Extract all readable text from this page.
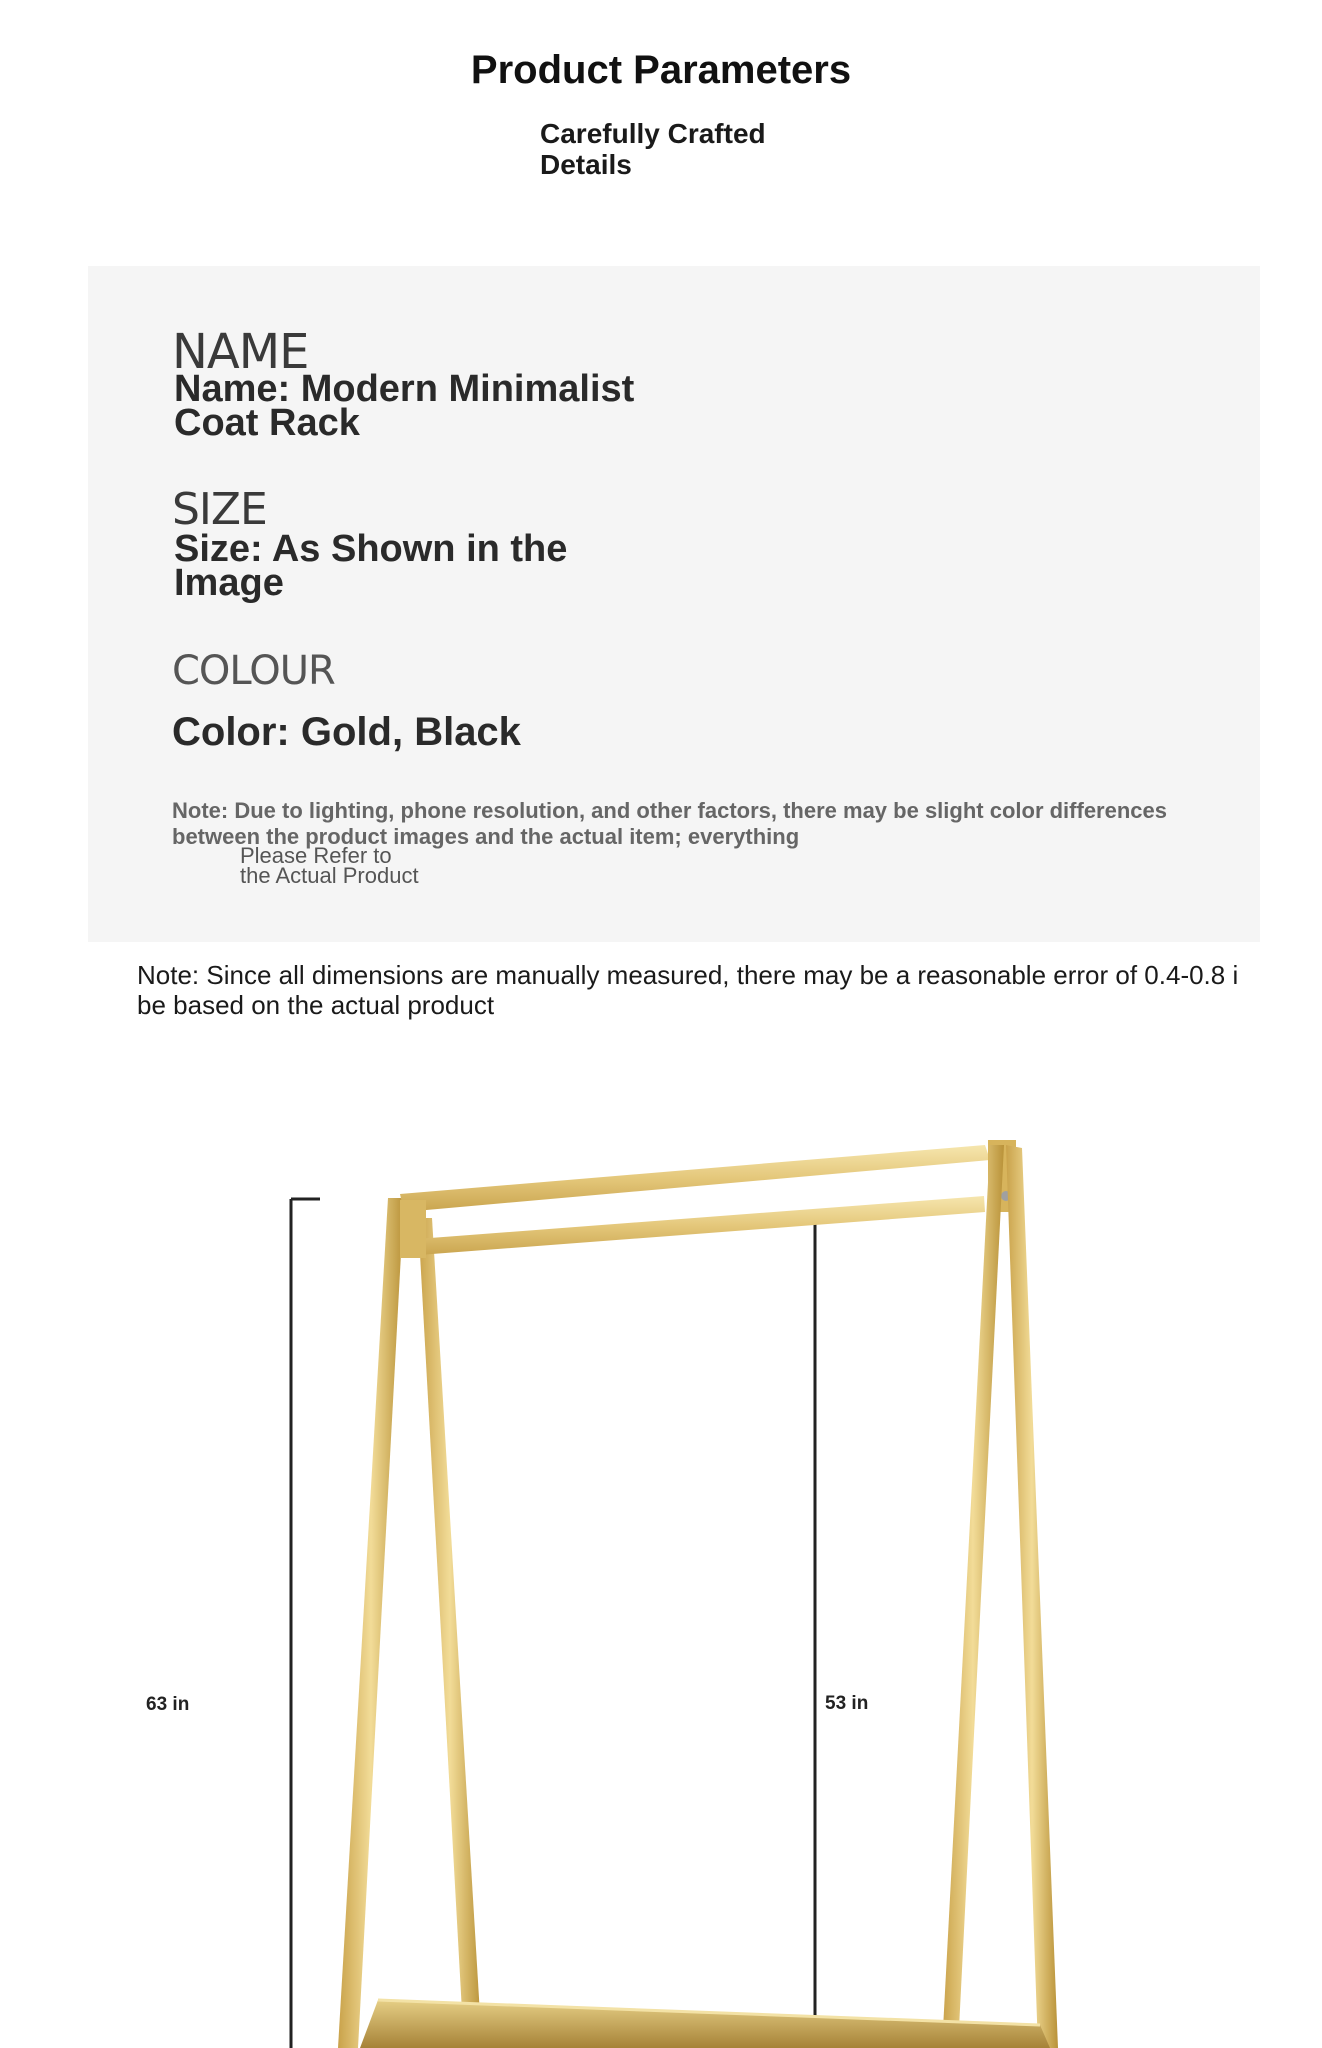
Product Parameters
Carefully Crafted
Details
NAME
Name: Modern Minimalist
Coat Rack
SIZE
Size: As Shown in the
Image
COLOUR
Color: Gold, Black
Note: Due to lighting, phone resolution, and other factors, there may be slight color differences
between the product images and the actual item; everything
Please Refer to
the Actual Product
Note: Since all dimensions are manually measured, there may be a reasonable error of 0.4-0.8 i
be based on the actual product
63 in	53 in
